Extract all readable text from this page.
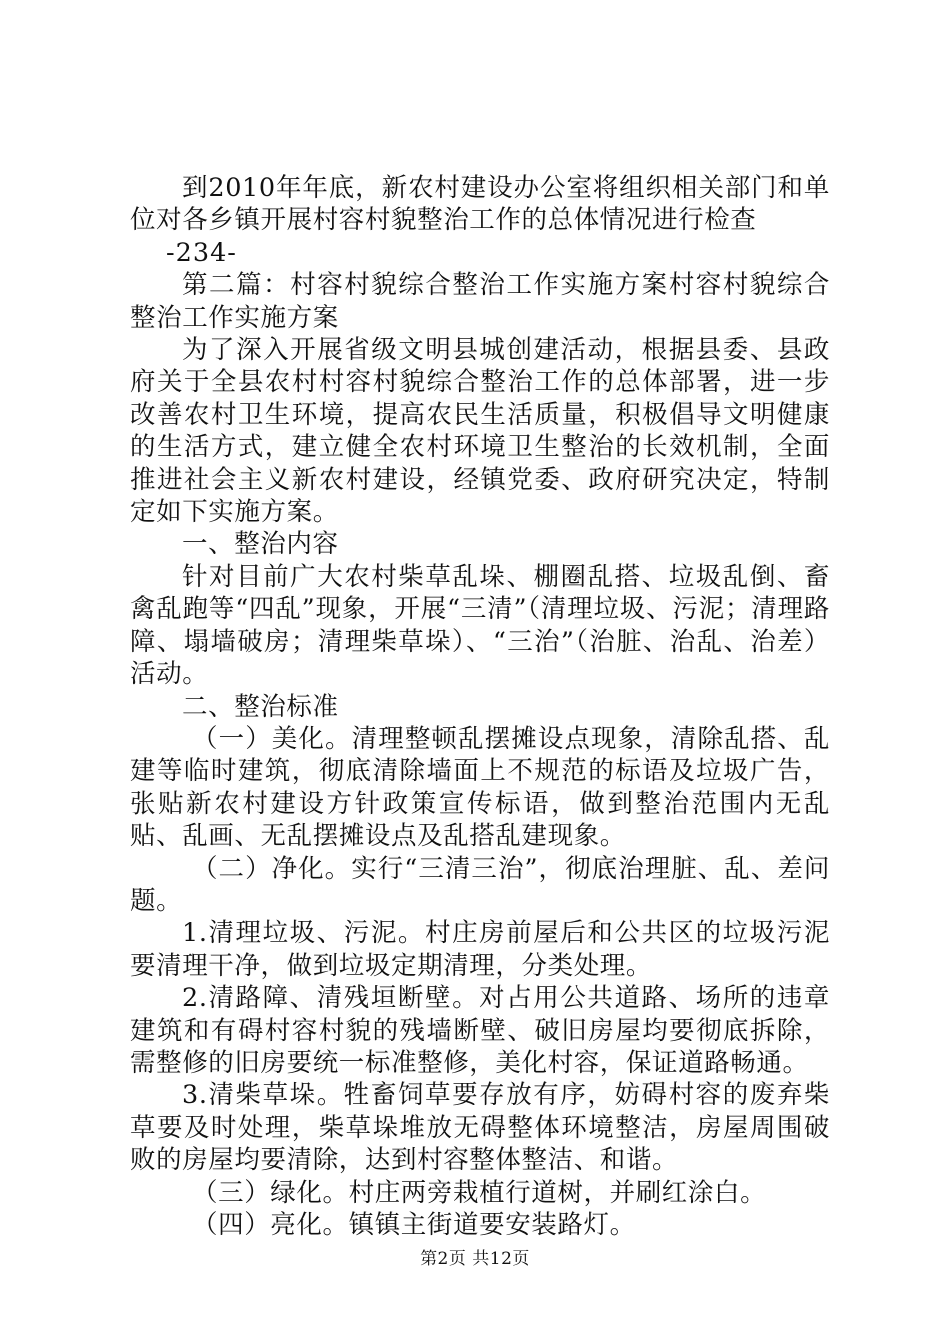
到2010年年底，新农村建设办公室将组织相关部门和单位对各乡镇开展村容村貌整治工作的总体情况进行检查

-234-

第二篇：村容村貌综合整治工作实施方案村容村貌综合整治工作实施方案

为了深入开展省级文明县城创建活动，根据县委、县政府关于全县农村村容村貌综合整治工作的总体部署，进一步改善农村卫生环境，提高农民生活质量，积极倡导文明健康的生活方式，建立健全农村环境卫生整治的长效机制，全面推进社会主义新农村建设，经镇党委、政府研究决定，特制定如下实施方案。

一、整治内容

针对目前广大农村柴草乱垛、棚圈乱搭、垃圾乱倒、畜禽乱跑等“四乱”现象，开展“三清”（清理垃圾、污泥；清理路障、塌墙破房；清理柴草垛）、“三治”（治脏、治乱、治差）活动。

二、整治标准

（一）美化。清理整顿乱摆摊设点现象，清除乱搭、乱建等临时建筑，彻底清除墙面上不规范的标语及垃圾广告，张贴新农村建设方针政策宣传标语，做到整治范围内无乱贴、乱画、无乱摆摊设点及乱搭乱建现象。

（二）净化。实行“三清三治”，彻底治理脏、乱、差问题。

1.清理垃圾、污泥。村庄房前屋后和公共区的垃圾污泥要清理干净，做到垃圾定期清理，分类处理。

2.清路障、清残垣断壁。对占用公共道路、场所的违章建筑和有碍村容村貌的残墙断壁、破旧房屋均要彻底拆除，需整修的旧房要统一标准整修，美化村容，保证道路畅通。

3.清柴草垛。牲畜饲草要存放有序，妨碍村容的废弃柴草要及时处理，柴草垛堆放无碍整体环境整洁，房屋周围破败的房屋均要清除，达到村容整体整洁、和谐。

（三）绿化。村庄两旁栽植行道树，并刷红涂白。

（四）亮化。镇镇主街道要安装路灯。

第2页 共12页
